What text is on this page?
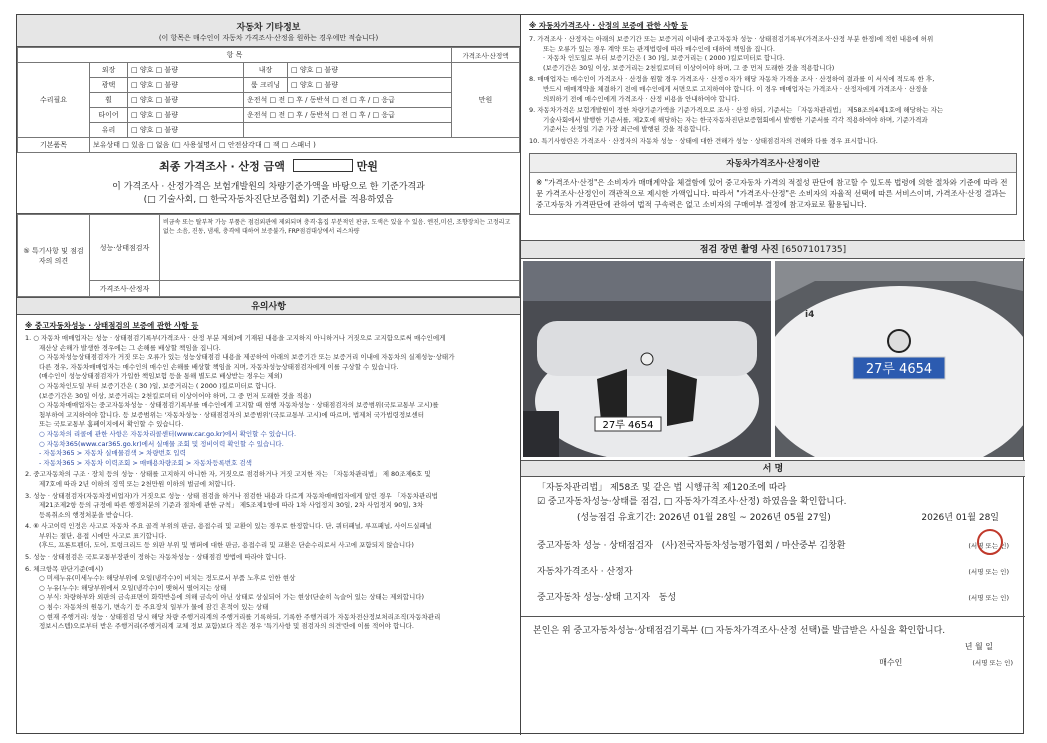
자동차 기타정보
(이 항목은 매수인이 자동차 가격조사·산정을 원하는 경우에만 적습니다)
항 목					가격조사·산정액
수리필요	외장	□ 양호 □ 불량	내장	□ 양호 □ 불량	만원
	광택	□ 양호 □ 불량	룸 크리닝	□ 양호 □ 불량	
	휠	□ 양호 □ 불량	운전석 □ 전 □ 후 / 동반석 □ 전 □ 후 / □ 응급		
	타이어	□ 양호 □ 불량	운전석 □ 전 □ 후 / 동반석 □ 전 □ 후 / □ 응급		
	유리	□ 양호 □ 불량			
기본품목	보유상태 □ 있음 □ 없음 (□ 사용설명서 □ 안전삼각대 □ 잭 □ 스패너 )				
최종 가격조사 · 산정 금액	만원
이 가격조사 · 산정가격은 보험개발원의 차량기준가액을 바탕으로 한 기준가격과
(□ 기술사회, □ 한국자동차진단보증협회) 기준서를 적용하였음
⑤ 특기사항 및 점검자의 의견	성능·상태점검자	비금속 또는 탈부착 가능 부품은 점검외관에 제외되며 충격·흠집 부분적인 판금, 도색은 있을 수 있음. 엔진,미션, 조향장치는 고정리고없는 소음, 진동, 냄새, 충격에 대하여 보증불가, FRP점검대상에서 리스차량
	가격조사·산정자	
유의사항
※ 중고자동차성능 · 상태점검의 보증에 관한 사항 등
1. ○ 자동차 매매업자는 성능 · 상태점검기록부(가격조사 · 산정 부분 제외)에 기재된 내용을 고지하지 아니하거나 거짓으로 고지함으로써 매수인에게
재산상 손해가 발생한 경우에는 그 손해를 배상할 책임을 집니다.
○ 자동차성능상태점검자가 거짓 또는 오류가 있는 성능상태점검 내용을 제공하여 아래의 보증기간 또는 보증거리 이내에 자동차의 실제성능·상태가
다른 경우, 자동차매매업자는 매수인의 매수인 손해를 배상할 책임을 지며, 자동차성능상태점검자에게 이를 구상할 수 있습니다.
(매수인이 성능상태점검자가 가입한 책임보험 등을 통해 별도로 배상받는 경우는 제외)
○ 자동차인도일 부터 보증기간은 ( 30 )일, 보증거리는 ( 2000 )킬로미터로 합니다.
(보증기간은 30일 이상, 보증거리는 2천킬로미터 이상이어야 하며, 그 중 먼저 도래한 것을 적용)
○ 자동차매매업자는 중고자동차성능 · 상태점검기록부를 매수인에게 고지할 때 현행 자동차성능 · 상태점검자의 보증범위(국토교통부 고시)를
첨부하여 고지하여야 합니다. 등 보증범위는 '자동차성능 · 상태점검자의 보증범위'(국토교통부 고시)에 따르며, 법제처 국가법령정보센터
또는 국토교통부 홈페이지에서 확인할 수 있습니다.
○ 자동차의 리콜에 관한 사항은 자동차리콜센터(www.car.go.kr)에서 확인할 수 있습니다.
○ 자동차365(www.car365.go.kr)에서 실매물 조회 및 정비이력 확인할 수 있습니다.
- 자동차365 > 자동차 실매물검색 > 차량번호 입력
- 자동차365 > 자동차 이력조회 > 매매용차량조회 > 자동차등록번호 검색
2. 중고자동차의 구조 · 장치 등의 성능 · 상태를 고지하지 아니한 자, 거짓으로 점검하거나 거짓 고지한 자는 「자동차관리법」 제 80조제6호 및
제7호에 따라 2년 이하의 징역 또는 2천만원 이하의 벌금에 처합니다.
3. 성능 · 상태점검자(자동차정비업자)가 거짓으로 성능 · 상태 점검을 하거나 점검한 내용과 다르게 자동차매매업자에게 알린 경우 「자동차관리법
제21조제2항 등의 규정에 따른 행정처분의 기준과 절차에 관한 규칙」 제5조제1항에 따라 1차 사업정지 30일, 2차 사업정지 90일, 3차
등록취소의 행정처분을 받습니다.
4. ⑥ 사고이력 인정은 사고로 자동차 주요 골격 부위의 판금, 용접수리 및 교환이 있는 경우로 한정합니다. 단, 쿼터패널, 루프패널, 사이드실패널
부위는 절단, 용접 시에만 사고로 표기합니다.
(후드, 프론트펜더, 도어, 트렁크리드 등 외판 부위 및 범퍼에 대한 판금, 용접수리 및 교환은 단순수리로서 사고에 포함되지 않습니다)
5. 성능 · 상태점검은 국토교통부장관이 정하는 자동차성능 · 상태점검 방법에 따라야 합니다.
6. 체크항목 판단기준(예시)
○ 미세누유(미세누수): 해당부위에 오일(냉각수)이 비치는 정도로서 부품 노후로 인한 현상
○ 누유(누수): 해당부위에서 오일(냉각수)이 맺혀서 떨어지는 상태
○ 부식: 차량하부와 외판의 금속표면이 화학반응에 의해 금속이 아닌 상태로 상실되어 가는 현상(단순히 녹슬어 있는 상태는 제외합니다)
○ 침수: 자동차의 원동기, 변속기 등 주요장치 일부가 물에 잠긴 흔적이 있는 상태
○ 현재 주행거리: 성능 · 상태점검 당시 해당 차량 주행거리계의 주행거리를 기록하되, 기록한 주행거리가 자동차전산정보처리조직(자동차관리
정보시스템)으로부터 받은 주행거리(주행거리계 교체 정보 포함)보다 적은 경우 '특기사항 및 점검자의 의견'란에 이를 적어야 합니다.
※ 자동차가격조사 · 산정의 보증에 관한 사항 등
7. 가격조사 · 산정자는 아래의 보증기간 또는 보증거리 이내에 중고자동차 성능 · 상태점검기록부(가격조사·산정 부분 한정)에 적힌 내용에 허위
또는 오류가 있는 경우 계약 또는 관계법령에 따라 매수인에 대하여 책임을 집니다.
· 자동차 인도일로 부터 보증기간은 ( 30 )일, 보증거리는 ( 2000 )킬로미터로 합니다.
(보증기간은 30일 이상, 보증거리는 2천킬로미터 이상이어야 하며, 그 중 먼저 도래한 것을 적용합니다)
8. 매매업자는 매수인이 가격조사 · 산정을 원할 경우 가격조사 · 산정ㅇ자가 해당 자동차 가격을 조사 · 산정하여 결과를 이 서식에 적도록 한 후,
반드시 매매계약을 체결하기 전에 매수인에게 서면으로 고지하여야 합니다. 이 경우 매매업자는 가격조사 · 산정자에게 가격조사 · 산정을
의뢰하기 전에 매수인에게 가격조사 · 산정 비용을 안내하여야 합니다.
9. 자동차가격은 보험개발원이 정한 차량기준가액을 기준가격으로 조사 · 산정 하되, 기준서는 「자동차관리법」 제58조의4제1호에 해당하는 자는
기술사회에서 발행한 기준서를, 제2호에 해당하는 자는 한국자동차진단보증협회에서 발행한 기준서를 각각 적용하여야 하며, 기준가격과
기준서는 산정일 기준 가장 최근에 발행된 것을 적용합니다.
10. 특기사항란은 가격조사 · 산정자의 자동차 성능 · 상태에 대한 견해가 성능 · 상태점검자의 견해와 다를 경우 표시합니다.
자동차가격조사·산정이란
※ "가격조사·산정"은 소비자가 매매계약을 체결함에 있어 중고자동차 가격의 적절성 판단에 참고할 수 있도록 법령에 의한 절차와 기준에 따라 전문 가격조사·산정인이 객관적으로 제시한 가액입니다. 따라서 "가격조사·산정"은 소비자의 자율적 선택에 따른 서비스이며, 가격조사·산정 결과는 중고자동차 가격판단에 관하여 법적 구속력은 없고 소비자의 구매여부 결정에 참고자료로 활용됩니다.
점검 장면 촬영 사진 [6507101735]
27루 4654
27루 4654
i4
서 명
「자동차관리법」 제58조 및 같은 법 시행규칙 제120조에 따라
☑ 중고자동차성능·상태를 점검, □ 자동차가격조사·산정) 하였음을 확인합니다.
(성능점검 유효기간: 2026년 01월 28일 ~ 2026년 05월 27일)	2026년 01월 28일
중고자동차 성능 · 상태점검자 (사)전국자동차성능평가협회 / 마산중부 김창환	(서명 또는 인)
자동차가격조사 · 산정자	(서명 또는 인)
중고자동차 성능·상태 고지자 동성	(서명 또는 인)
본인은 위 중고자동차성능·상태점검기록부 (□ 자동차가격조사·산정 선택)를 발급받은 사실을 확인합니다.
년 월 일
매수인	(서명 또는 인)
